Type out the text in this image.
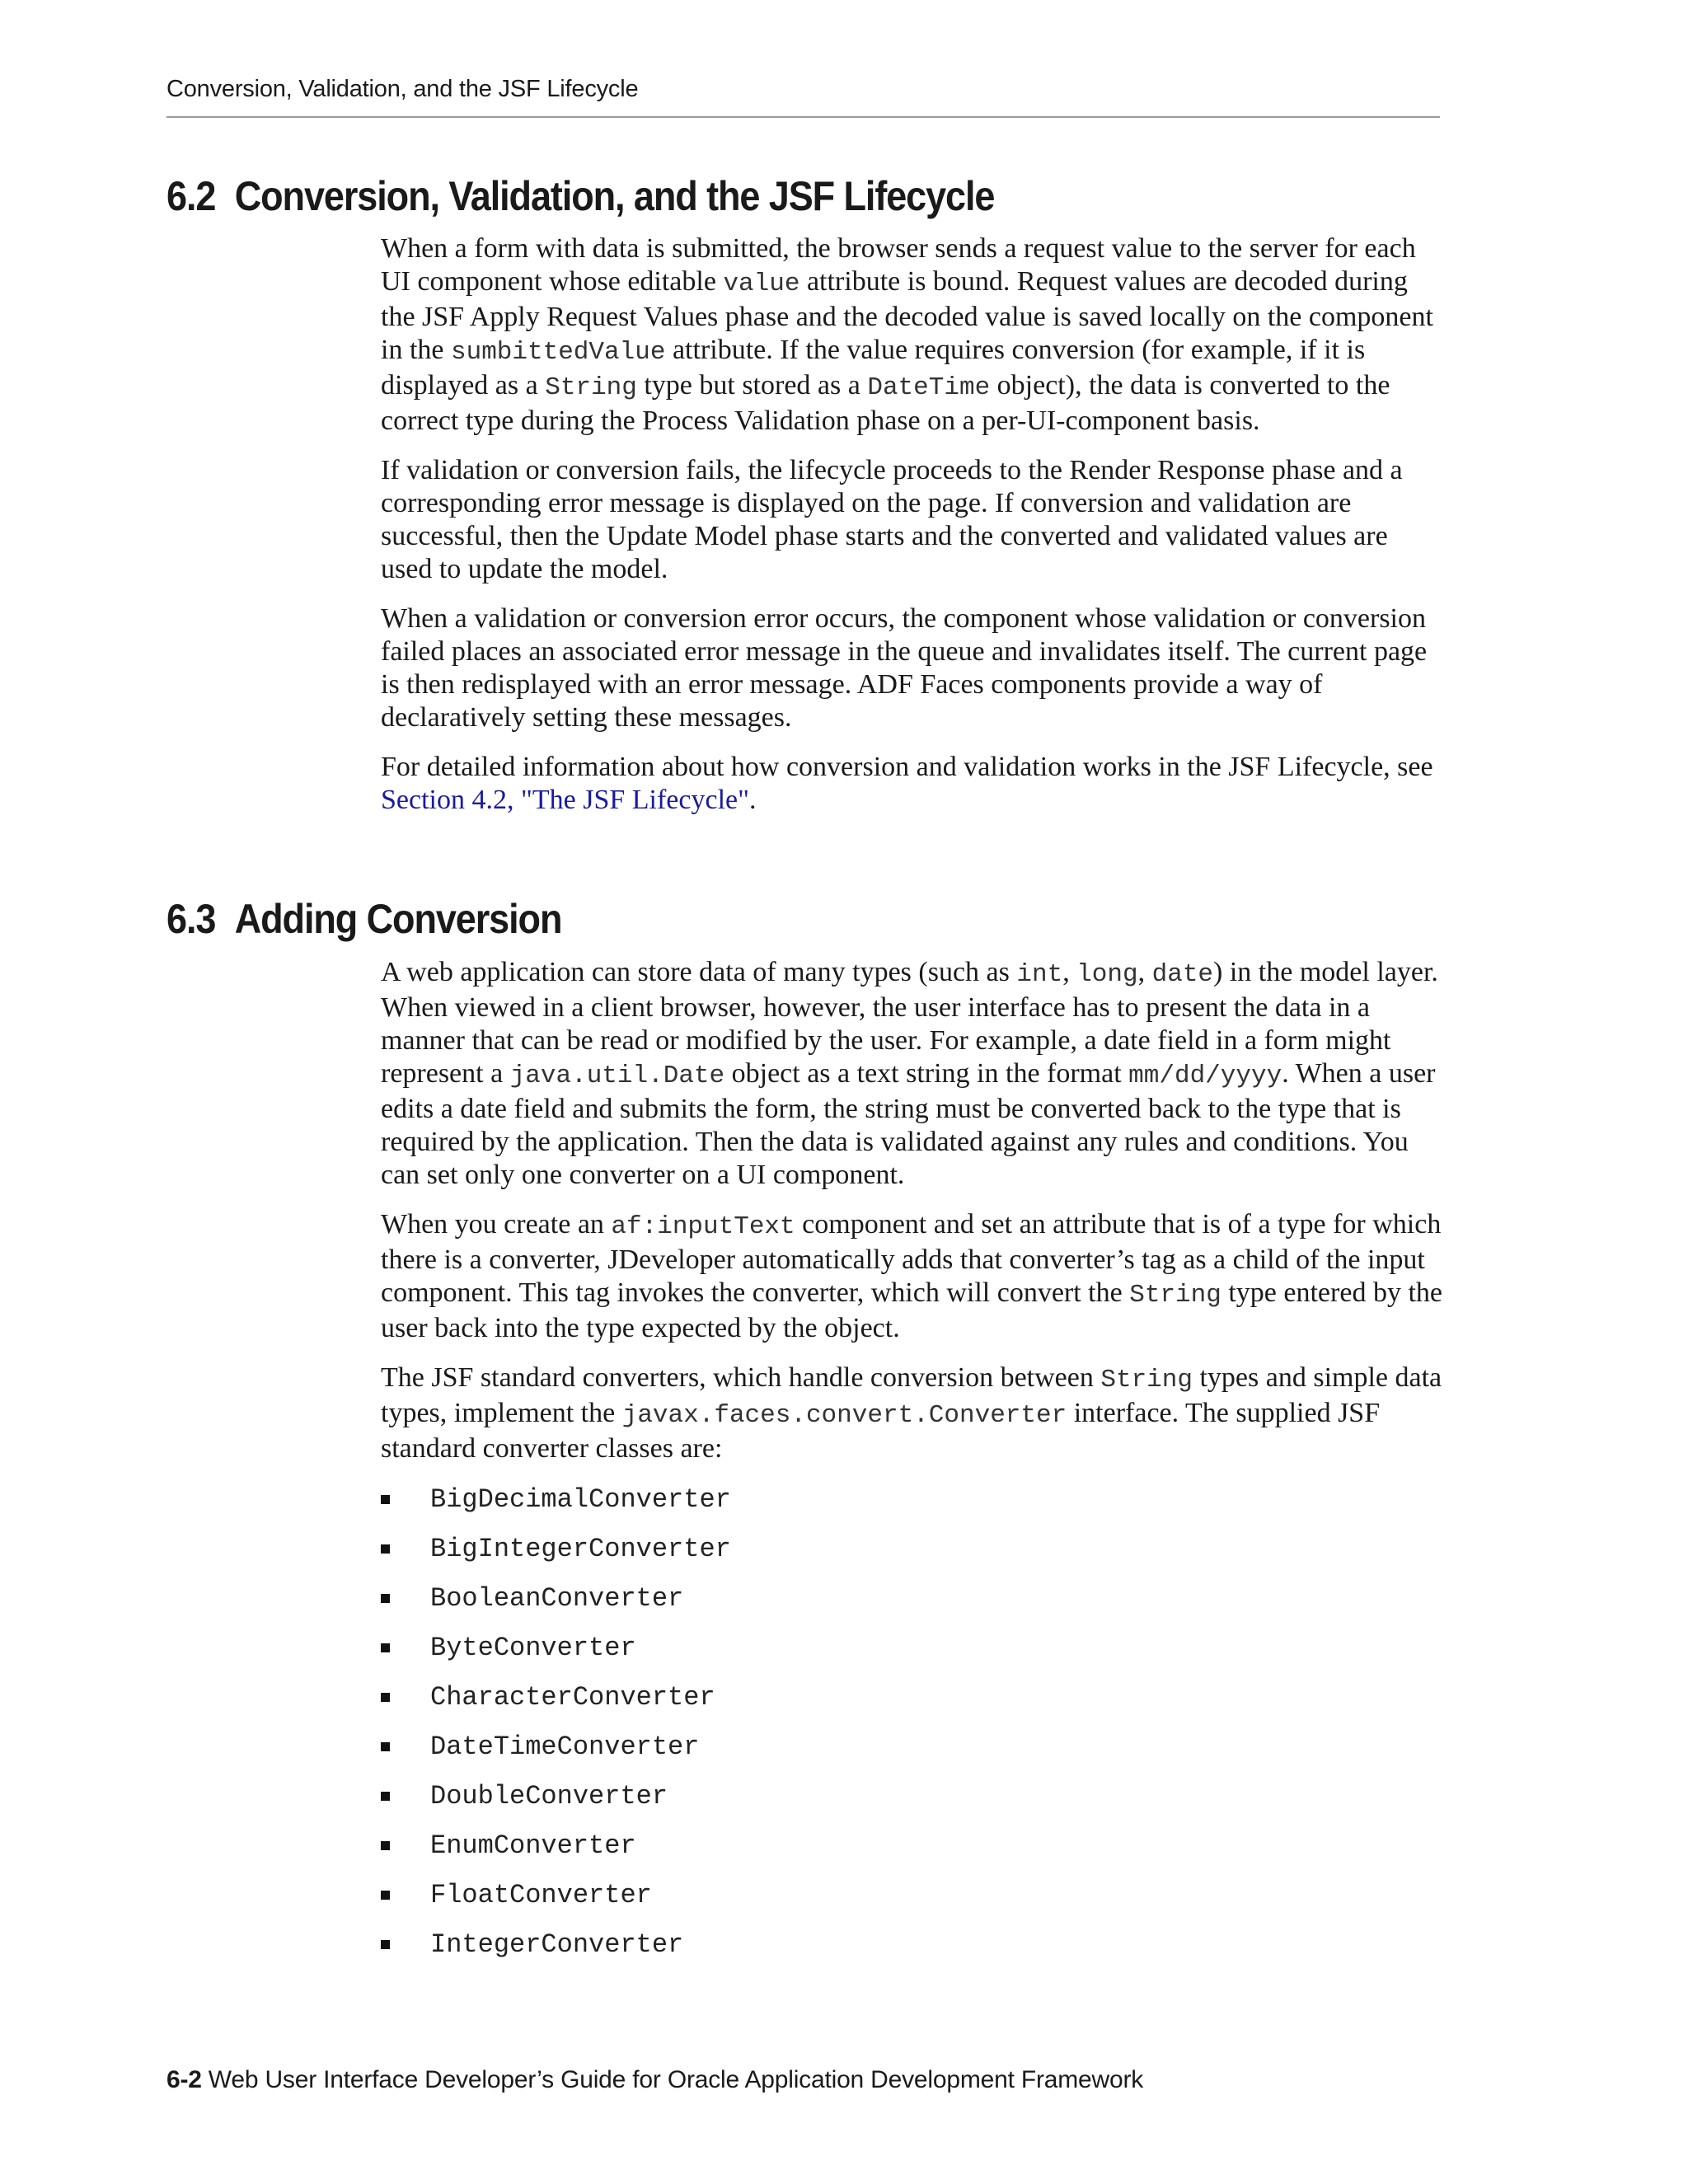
Conversion, Validation, and the JSF Lifecycle
6.2 Conversion, Validation, and the JSF Lifecycle

When a form with data is submitted, the browser sends a request value to the server for each UI component whose editable value attribute is bound. Request values are decoded during the JSF Apply Request Values phase and the decoded value is saved locally on the component in the sumbittedValue attribute. If the value requires conversion (for example, if it is displayed as a String type but stored as a DateTime object), the data is converted to the correct type during the Process Validation phase on a per-UI-component basis.

If validation or conversion fails, the lifecycle proceeds to the Render Response phase and a corresponding error message is displayed on the page. If conversion and validation are successful, then the Update Model phase starts and the converted and validated values are used to update the model.

When a validation or conversion error occurs, the component whose validation or conversion failed places an associated error message in the queue and invalidates itself. The current page is then redisplayed with an error message. ADF Faces components provide a way of declaratively setting these messages.

For detailed information about how conversion and validation works in the JSF Lifecycle, see Section 4.2, "The JSF Lifecycle".

6.3 Adding Conversion

A web application can store data of many types (such as int, long, date) in the model layer. When viewed in a client browser, however, the user interface has to present the data in a manner that can be read or modified by the user. For example, a date field in a form might represent a java.util.Date object as a text string in the format mm/dd/yyyy. When a user edits a date field and submits the form, the string must be converted back to the type that is required by the application. Then the data is validated against any rules and conditions. You can set only one converter on a UI component.

When you create an af:inputText component and set an attribute that is of a type for which there is a converter, JDeveloper automatically adds that converter’s tag as a child of the input component. This tag invokes the converter, which will convert the String type entered by the user back into the type expected by the object.

The JSF standard converters, which handle conversion between String types and simple data types, implement the javax.faces.convert.Converter interface. The supplied JSF standard converter classes are:

BigDecimalConverter
BigIntegerConverter
BooleanConverter
ByteConverter
CharacterConverter
DateTimeConverter
DoubleConverter
EnumConverter
FloatConverter
IntegerConverter
6-2 Web User Interface Developer’s Guide for Oracle Application Development Framework
